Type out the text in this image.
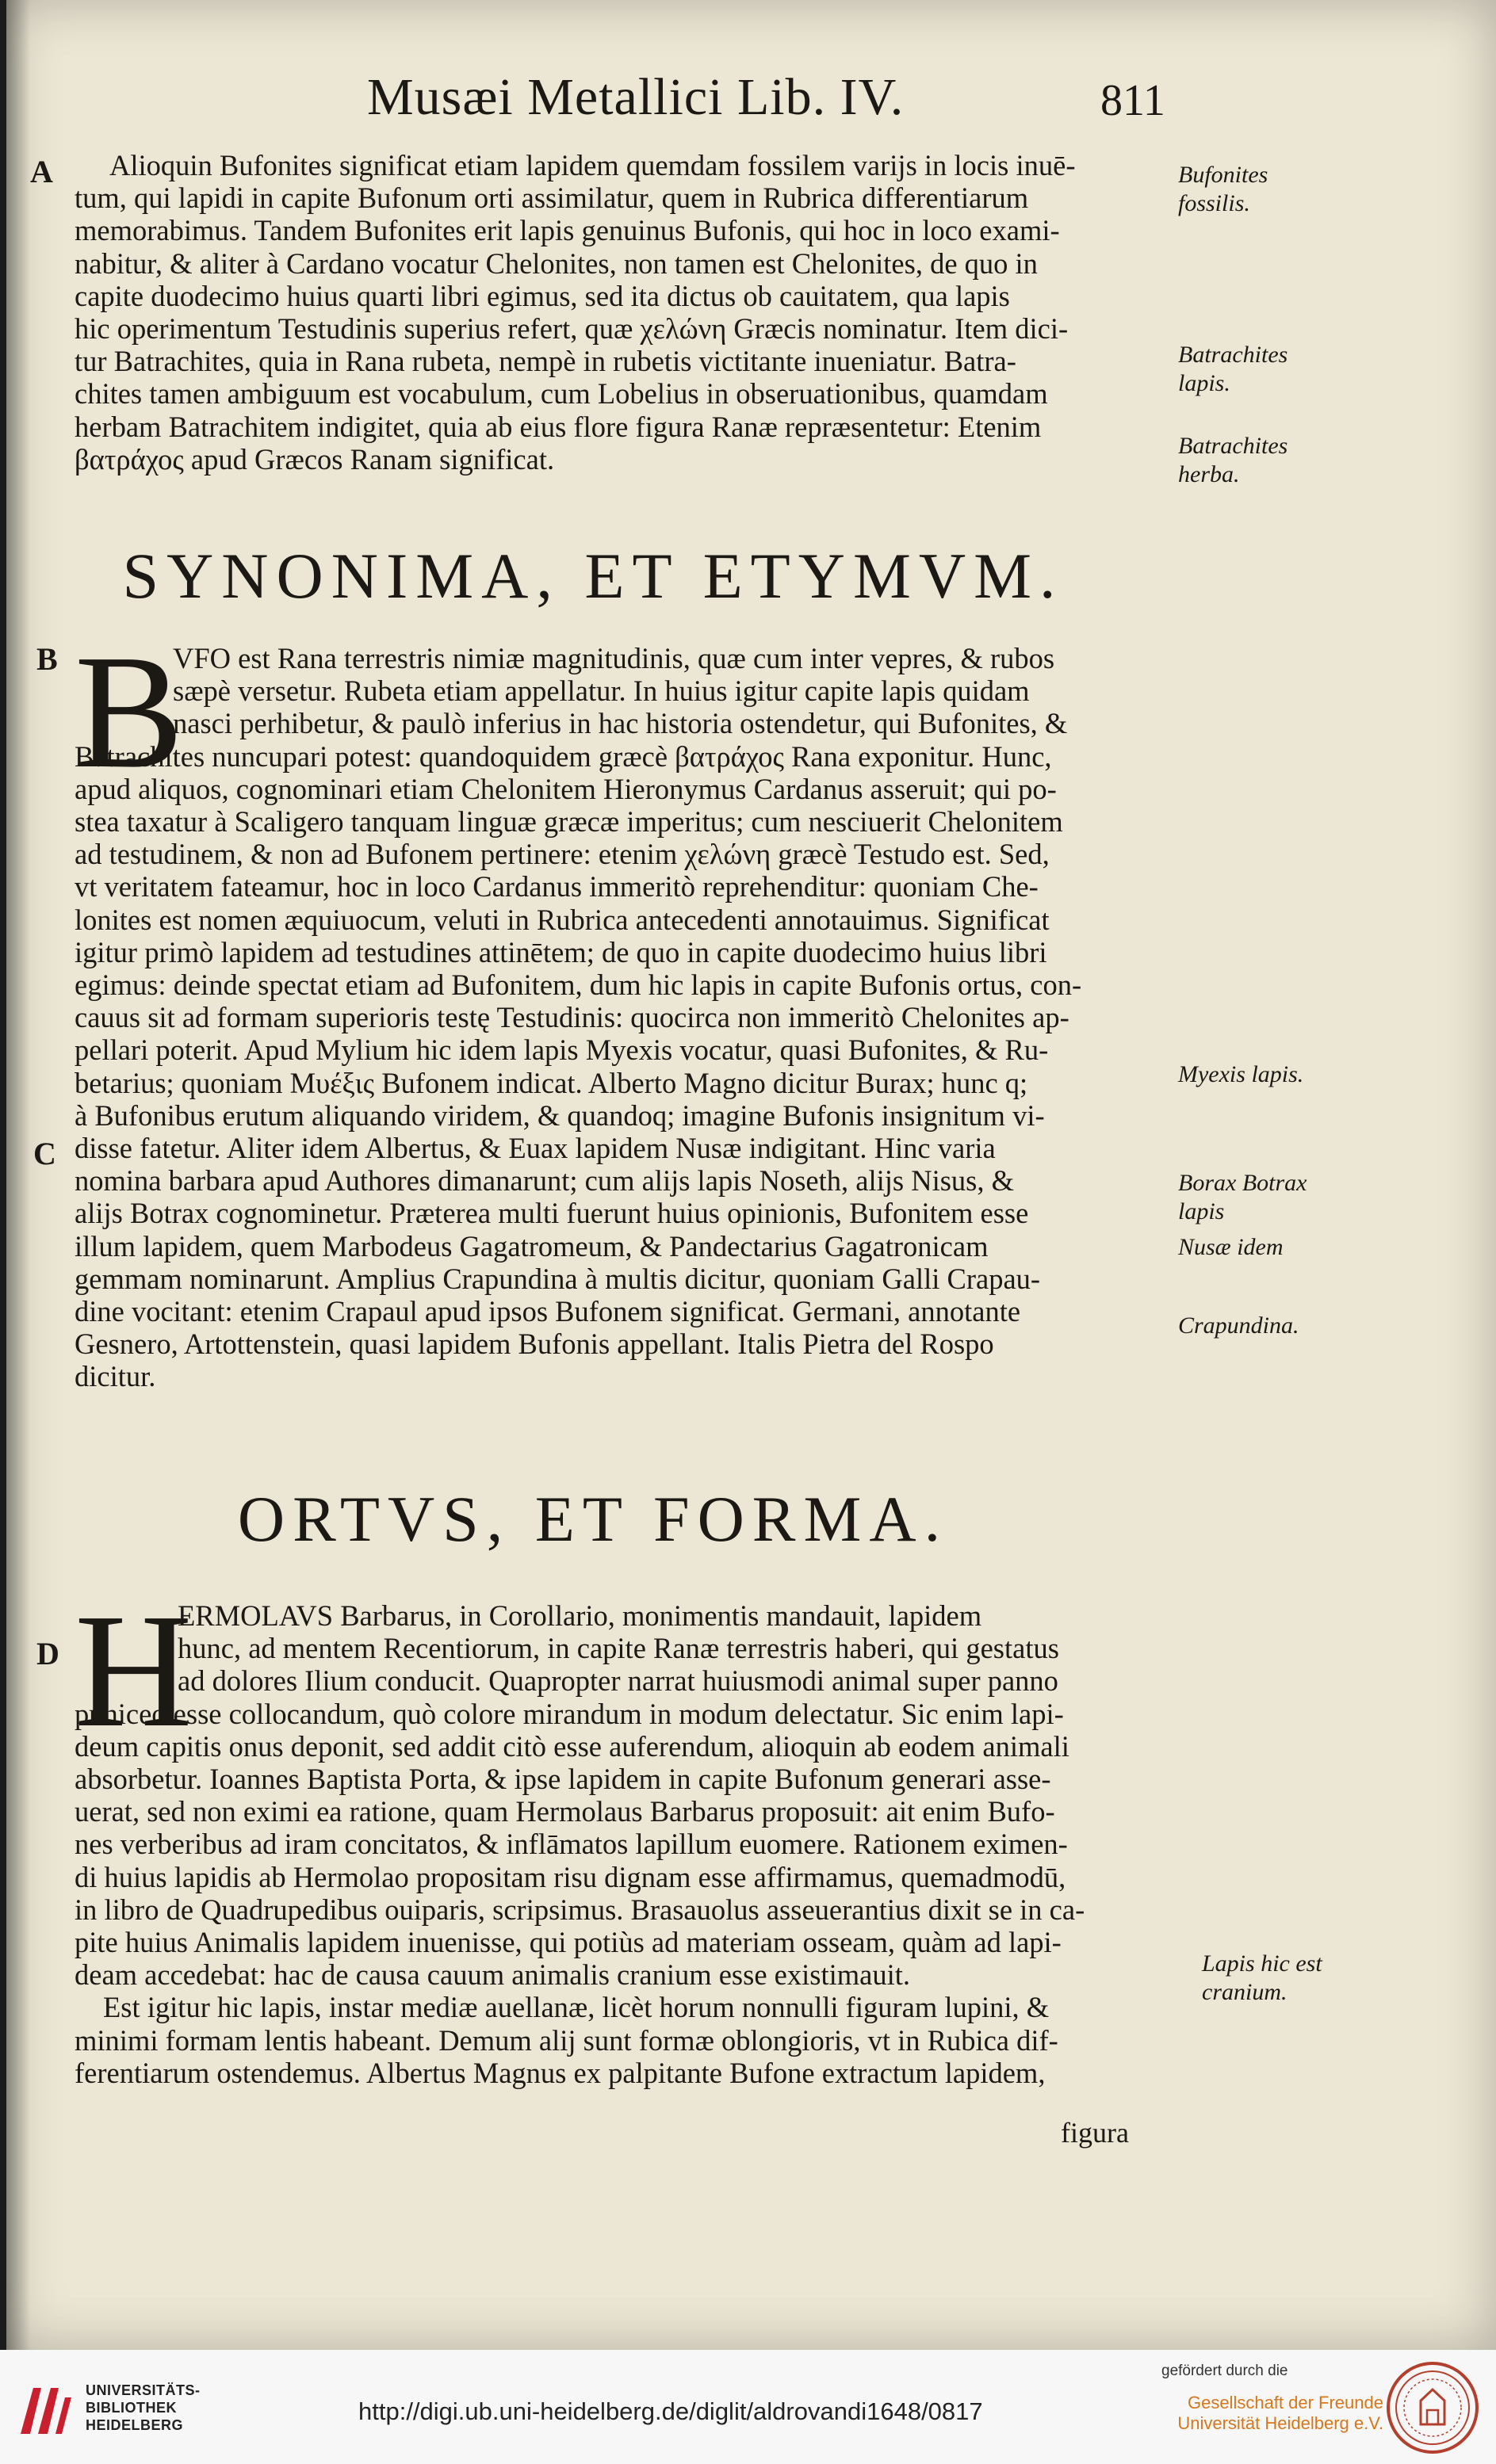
Musæi Metallici Lib. IV.	811
A
B
C
D
Alioquin Bufonites significat etiam lapidem quemdam fossilem varijs in locis inuē-
tum, qui lapidi in capite Bufonum orti assimilatur, quem in Rubrica differentiarum
memorabimus. Tandem Bufonites erit lapis genuinus Bufonis, qui hoc in loco exami-
nabitur, & aliter à Cardano vocatur Chelonites, non tamen est Chelonites, de quo in
capite duodecimo huius quarti libri egimus, sed ita dictus ob cauitatem, qua lapis
hic operimentum Testudinis superius refert, quæ χελώνη Græcis nominatur. Item dici-
tur Batrachites, quia in Rana rubeta, nempè in rubetis victitante inueniatur. Batra-
chites tamen ambiguum est vocabulum, cum Lobelius in obseruationibus, quamdam
herbam Batrachitem indigitet, quia ab eius flore figura Ranæ repræsentetur: Etenim
βατράχος apud Græcos Ranam significat.
SYNONIMA, ET ETYMVM.
B
VFO est Rana terrestris nimiæ magnitudinis, quæ cum inter vepres, & rubos
sæpè versetur. Rubeta etiam appellatur. In huius igitur capite lapis quidam
nasci perhibetur, & paulò inferius in hac historia ostendetur, qui Bufonites, &
Batrachites nuncupari potest: quandoquidem græcè βατράχος Rana exponitur. Hunc,
apud aliquos, cognominari etiam Chelonitem Hieronymus Cardanus asseruit; qui po-
stea taxatur à Scaligero tanquam linguæ græcæ imperitus; cum nesciuerit Chelonitem
ad testudinem, & non ad Bufonem pertinere: etenim χελώνη græcè Testudo est. Sed,
vt veritatem fateamur, hoc in loco Cardanus immeritò reprehenditur: quoniam Che-
lonites est nomen æquiuocum, veluti in Rubrica antecedenti annotauimus. Significat
igitur primò lapidem ad testudines attinētem; de quo in capite duodecimo huius libri
egimus: deinde spectat etiam ad Bufonitem, dum hic lapis in capite Bufonis ortus, con-
cauus sit ad formam superioris testę Testudinis: quocirca non immeritò Chelonites ap-
pellari poterit. Apud Mylium hic idem lapis Myexis vocatur, quasi Bufonites, & Ru-
betarius; quoniam Μυέξις Bufonem indicat. Alberto Magno dicitur Burax; hunc q;
à Bufonibus erutum aliquando viridem, & quandoq; imagine Bufonis insignitum vi-
disse fatetur. Aliter idem Albertus, & Euax lapidem Nusæ indigitant. Hinc varia
nomina barbara apud Authores dimanarunt; cum alijs lapis Noseth, alijs Nisus, &
alijs Botrax cognominetur. Præterea multi fuerunt huius opinionis, Bufonitem esse
illum lapidem, quem Marbodeus Gagatromeum, & Pandectarius Gagatronicam
gemmam nominarunt. Amplius Crapundina à multis dicitur, quoniam Galli Crapau-
dine vocitant: etenim Crapaul apud ipsos Bufonem significat. Germani, annotante
Gesnero, Artottenstein, quasi lapidem Bufonis appellant. Italis Pietra del Rospo
dicitur.
ORTVS, ET FORMA.
H
ERMOLAVS Barbarus, in Corollario, monimentis mandauit, lapidem
hunc, ad mentem Recentiorum, in capite Ranæ terrestris haberi, qui gestatus
ad dolores Ilium conducit. Quapropter narrat huiusmodi animal super panno
puniceo esse collocandum, quò colore mirandum in modum delectatur. Sic enim lapi-
deum capitis onus deponit, sed addit citò esse auferendum, alioquin ab eodem animali
absorbetur. Ioannes Baptista Porta, & ipse lapidem in capite Bufonum generari asse-
uerat, sed non eximi ea ratione, quam Hermolaus Barbarus proposuit: ait enim Bufo-
nes verberibus ad iram concitatos, & inflāmatos lapillum euomere. Rationem eximen-
di huius lapidis ab Hermolao propositam risu dignam esse affirmamus, quemadmodū,
in libro de Quadrupedibus ouiparis, scripsimus. Brasauolus asseuerantius dixit se in ca-
pite huius Animalis lapidem inuenisse, qui potiùs ad materiam osseam, quàm ad lapi-
deam accedebat: hac de causa cauum animalis cranium esse existimauit.
Est igitur hic lapis, instar mediæ auellanæ, licèt horum nonnulli figuram lupini, &
minimi formam lentis habeant. Demum alij sunt formæ oblongioris, vt in Rubica dif-
ferentiarum ostendemus. Albertus Magnus ex palpitante Bufone extractum lapidem,
figura
Bufonites fossilis.
Batrachites lapis.
Batrachites herba.
Myexis lapis.
Borax Botrax lapis
Nusæ idem
Crapundina.
Lapis hic est cranium.
UNIVERSITÄTS-
BIBLIOTHEK
HEIDELBERG	http://digi.ub.uni-heidelberg.de/diglit/aldrovandi1648/0817
gefördert durch die
Gesellschaft der Freunde
Universität Heidelberg e.V.
